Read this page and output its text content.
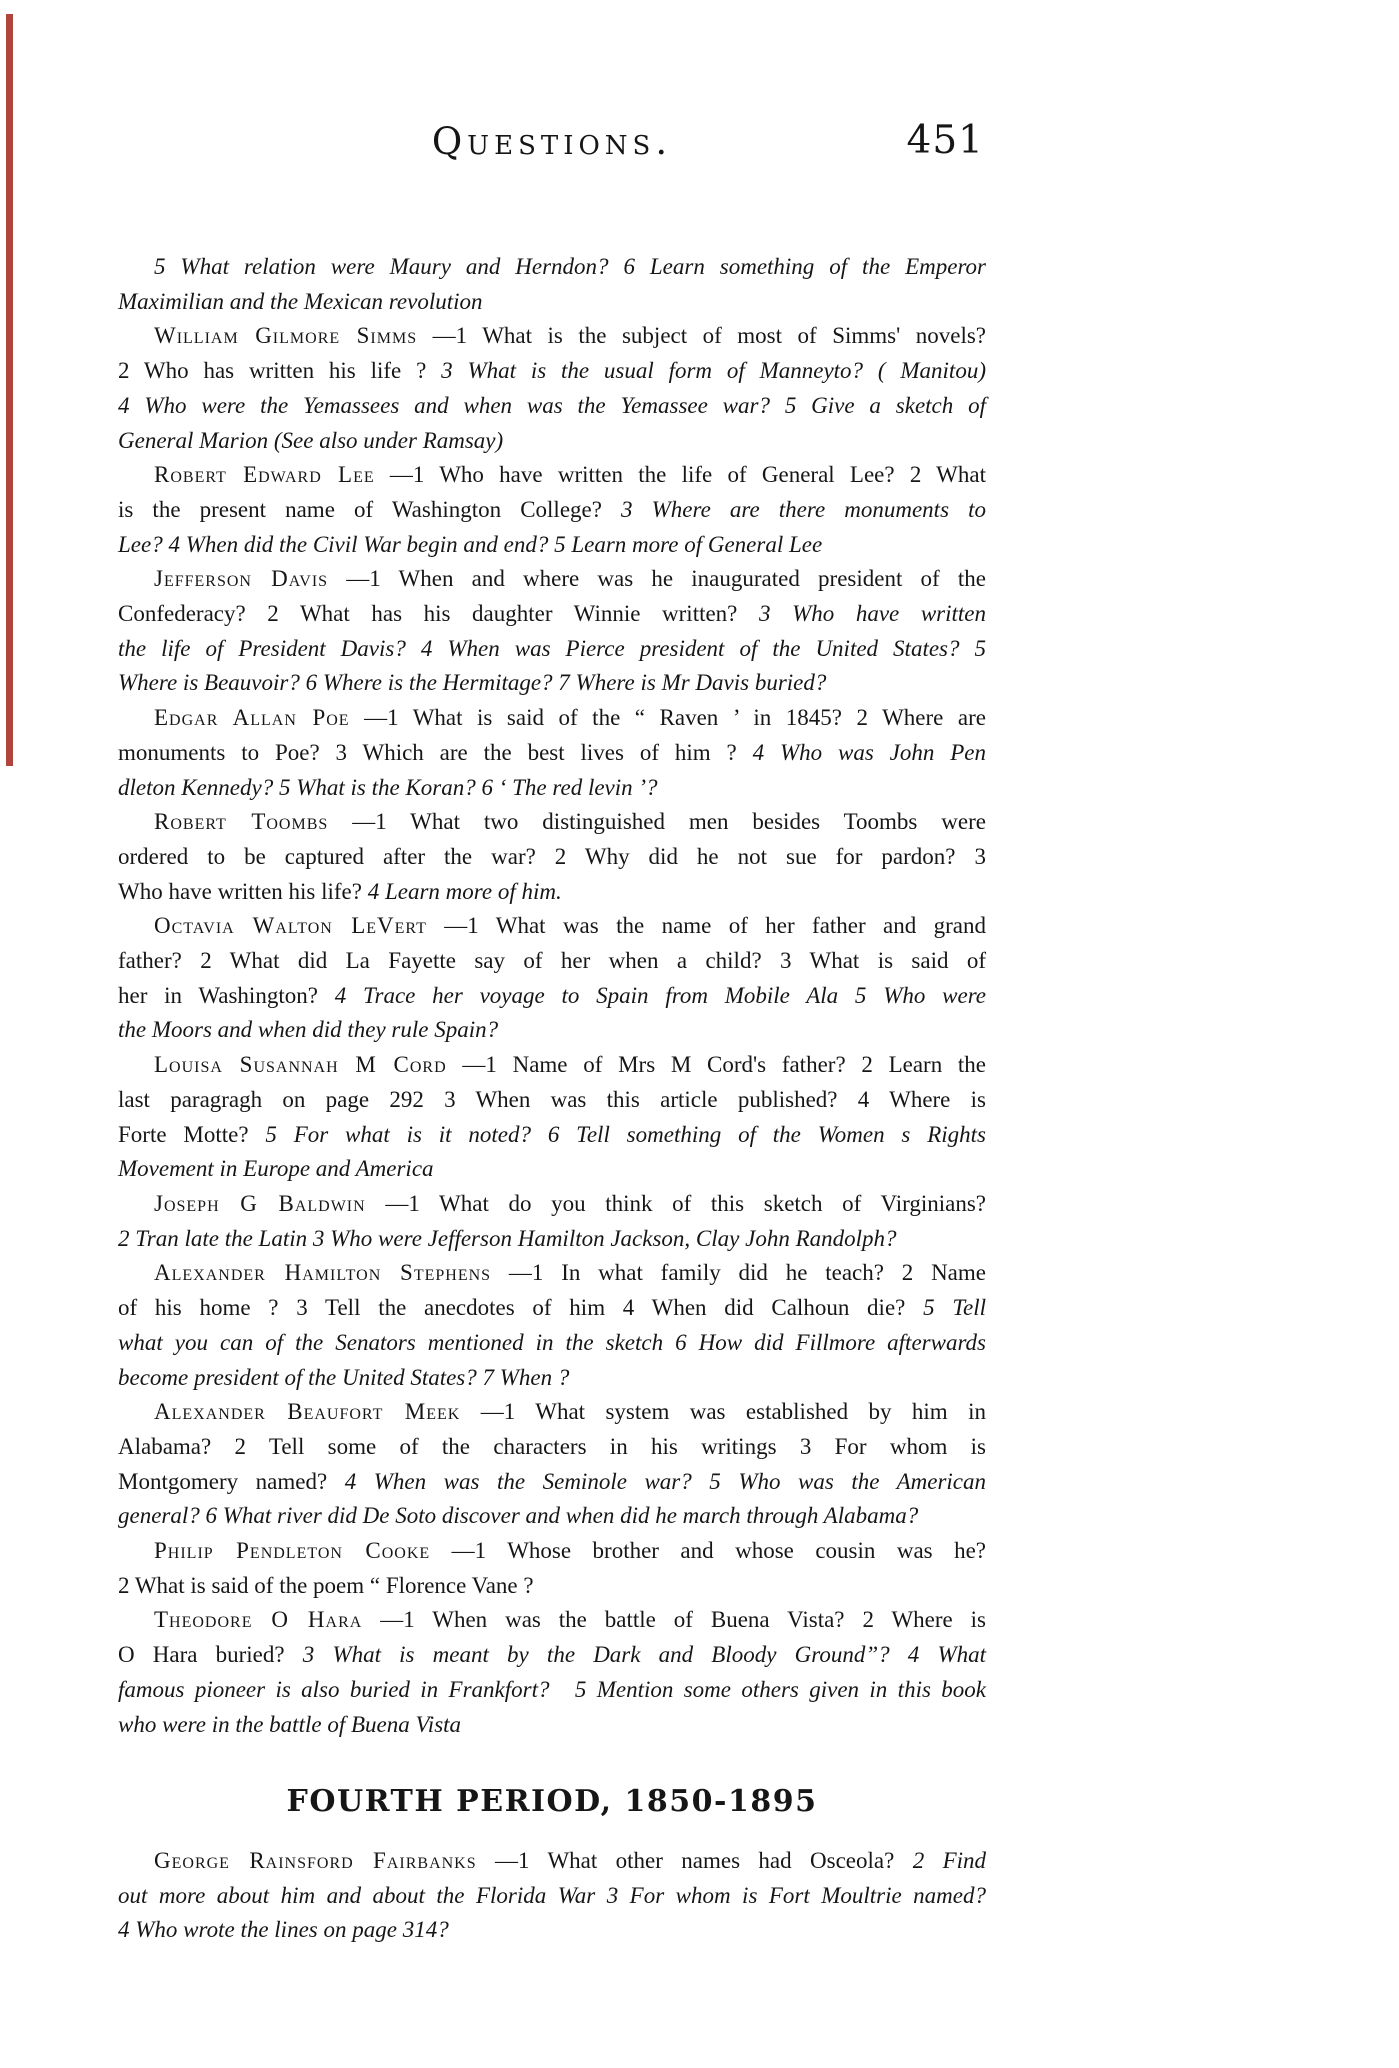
Questions.	451
5 What relation were Maury and Herndon? 6 Learn something of the Emperor
Maximilian and the Mexican revolution
William Gilmore Simms —1 What is the subject of most of Simms' novels?
2 Who has written his life ? 3 What is the usual form of Manneyto? ( Manitou)
4 Who were the Yemassees and when was the Yemassee war? 5 Give a sketch of
General Marion (See also under Ramsay)
Robert Edward Lee —1 Who have written the life of General Lee? 2 What
is the present name of Washington College? 3 Where are there monuments to
Lee? 4 When did the Civil War begin and end? 5 Learn more of General Lee
Jefferson Davis —1 When and where was he inaugurated president of the
Confederacy? 2 What has his daughter Winnie written? 3 Who have written
the life of President Davis? 4 When was Pierce president of the United States? 5
Where is Beauvoir? 6 Where is the Hermitage? 7 Where is Mr Davis buried?
Edgar Allan Poe —1 What is said of the “ Raven ’ in 1845? 2 Where are
monuments to Poe? 3 Which are the best lives of him ? 4 Who was John Pen
dleton Kennedy? 5 What is the Koran? 6 ‘ The red levin ’?
Robert Toombs —1 What two distinguished men besides Toombs were
ordered to be captured after the war? 2 Why did he not sue for pardon? 3
Who have written his life? 4 Learn more of him.
Octavia Walton LeVert —1 What was the name of her father and grand
father? 2 What did La Fayette say of her when a child? 3 What is said of
her in Washington? 4 Trace her voyage to Spain from Mobile Ala 5 Who were
the Moors and when did they rule Spain?
Louisa Susannah M Cord —1 Name of Mrs M Cord's father? 2 Learn the
last paragragh on page 292 3 When was this article published? 4 Where is
Forte Motte? 5 For what is it noted? 6 Tell something of the Women s Rights
Movement in Europe and America
Joseph G Baldwin —1 What do you think of this sketch of Virginians?
2 Tran late the Latin 3 Who were Jefferson Hamilton Jackson, Clay John Randolph?
Alexander Hamilton Stephens —1 In what family did he teach? 2 Name
of his home ? 3 Tell the anecdotes of him 4 When did Calhoun die? 5 Tell
what you can of the Senators mentioned in the sketch 6 How did Fillmore afterwards
become president of the United States? 7 When ?
Alexander Beaufort Meek —1 What system was established by him in
Alabama? 2 Tell some of the characters in his writings 3 For whom is
Montgomery named? 4 When was the Seminole war? 5 Who was the American
general? 6 What river did De Soto discover and when did he march through Alabama?
Philip Pendleton Cooke —1 Whose brother and whose cousin was he?
2 What is said of the poem “ Florence Vane ?
Theodore O Hara —1 When was the battle of Buena Vista? 2 Where is
O Hara buried? 3 What is meant by the Dark and Bloody Ground”? 4 What
famous pioneer is also buried in Frankfort?   5 Mention some others given in this book
who were in the battle of Buena Vista
FOURTH PERIOD, 1850-1895
George Rainsford Fairbanks —1 What other names had Osceola? 2 Find
out more about him and about the Florida War 3 For whom is Fort Moultrie named?
4 Who wrote the lines on page 314?
